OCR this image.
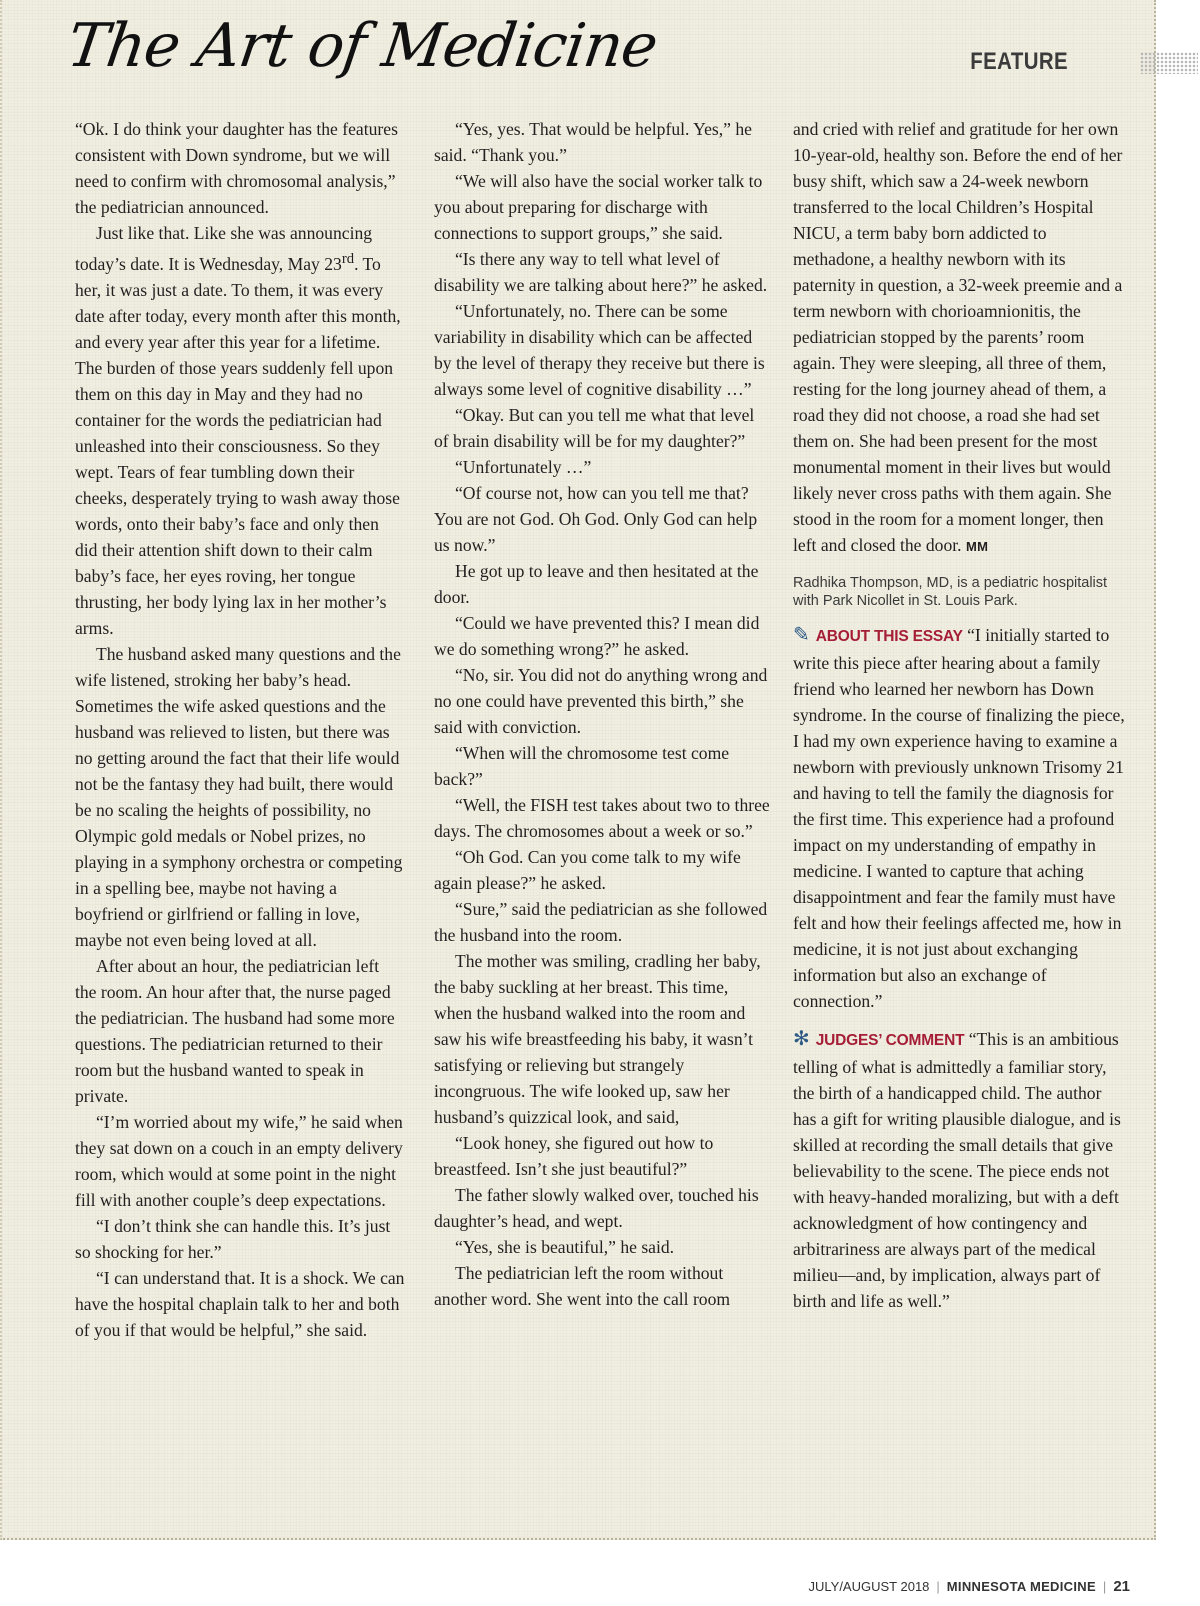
The Art of Medicine	FEATURE

“Ok. I do think your daughter has the features consistent with Down syndrome, but we will need to confirm with chromosomal analysis,” the pediatrician announced.

Just like that. Like she was announcing today’s date. It is Wednesday, May 23rd. To her, it was just a date. To them, it was every date after today, every month after this month, and every year after this year for a lifetime. The burden of those years suddenly fell upon them on this day in May and they had no container for the words the pediatrician had unleashed into their consciousness. So they wept. Tears of fear tumbling down their cheeks, desperately trying to wash away those words, onto their baby’s face and only then did their attention shift down to their calm baby’s face, her eyes roving, her tongue thrusting, her body lying lax in her mother’s arms.

The husband asked many questions and the wife listened, stroking her baby’s head. Sometimes the wife asked questions and the husband was relieved to listen, but there was no getting around the fact that their life would not be the fantasy they had built, there would be no scaling the heights of possibility, no Olympic gold medals or Nobel prizes, no playing in a symphony orchestra or competing in a spelling bee, maybe not having a boyfriend or girlfriend or falling in love, maybe not even being loved at all.

After about an hour, the pediatrician left the room. An hour after that, the nurse paged the pediatrician. The husband had some more questions. The pediatrician returned to their room but the husband wanted to speak in private.

“I’m worried about my wife,” he said when they sat down on a couch in an empty delivery room, which would at some point in the night fill with another couple’s deep expectations.

“I don’t think she can handle this. It’s just so shocking for her.”

“I can understand that. It is a shock. We can have the hospital chaplain talk to her and both of you if that would be helpful,” she said.

“Yes, yes. That would be helpful. Yes,” he said. “Thank you.”

“We will also have the social worker talk to you about preparing for discharge with connections to support groups,” she said.

“Is there any way to tell what level of disability we are talking about here?” he asked.

“Unfortunately, no. There can be some variability in disability which can be affected by the level of therapy they receive but there is always some level of cognitive disability …”

“Okay. But can you tell me what that level of brain disability will be for my daughter?”

“Unfortunately …”

“Of course not, how can you tell me that? You are not God. Oh God. Only God can help us now.”

He got up to leave and then hesitated at the door.

“Could we have prevented this? I mean did we do something wrong?” he asked.

“No, sir. You did not do anything wrong and no one could have prevented this birth,” she said with conviction.

“When will the chromosome test come back?”

“Well, the FISH test takes about two to three days. The chromosomes about a week or so.”

“Oh God. Can you come talk to my wife again please?” he asked.

“Sure,” said the pediatrician as she followed the husband into the room.

The mother was smiling, cradling her baby, the baby suckling at her breast. This time, when the husband walked into the room and saw his wife breastfeeding his baby, it wasn’t satisfying or relieving but strangely incongruous. The wife looked up, saw her husband’s quizzical look, and said,

“Look honey, she figured out how to breastfeed. Isn’t she just beautiful?”

The father slowly walked over, touched his daughter’s head, and wept.

“Yes, she is beautiful,” he said.

The pediatrician left the room without another word. She went into the call room

and cried with relief and gratitude for her own 10-year-old, healthy son. Before the end of her busy shift, which saw a 24-week newborn transferred to the local Children’s Hospital NICU, a term baby born addicted to methadone, a healthy newborn with its paternity in question, a 32-week preemie and a term newborn with chorioamnionitis, the pediatrician stopped by the parents’ room again. They were sleeping, all three of them, resting for the long journey ahead of them, a road they did not choose, a road she had set them on. She had been present for the most monumental moment in their lives but would likely never cross paths with them again. She stood in the room for a moment longer, then left and closed the door. MM

Radhika Thompson, MD, is a pediatric hospitalist with Park Nicollet in St. Louis Park.

✎ ABOUT THIS ESSAY “I initially started to write this piece after hearing about a family friend who learned her newborn has Down syndrome. In the course of finalizing the piece, I had my own experience having to examine a newborn with previously unknown Trisomy 21 and having to tell the family the diagnosis for the first time. This experience had a profound impact on my understanding of empathy in medicine. I wanted to capture that aching disappointment and fear the family must have felt and how their feelings affected me, how in medicine, it is not just about exchanging information but also an exchange of connection.”

✻ JUDGES’ COMMENT “This is an ambitious telling of what is admittedly a familiar story, the birth of a handicapped child. The author has a gift for writing plausible dialogue, and is skilled at recording the small details that give believability to the scene. The piece ends not with heavy-handed moralizing, but with a deft acknowledgment of how contingency and arbitrariness are always part of the medical milieu—and, by implication, always part of birth and life as well.”

JULY/AUGUST 2018 | MINNESOTA MEDICINE | 21
